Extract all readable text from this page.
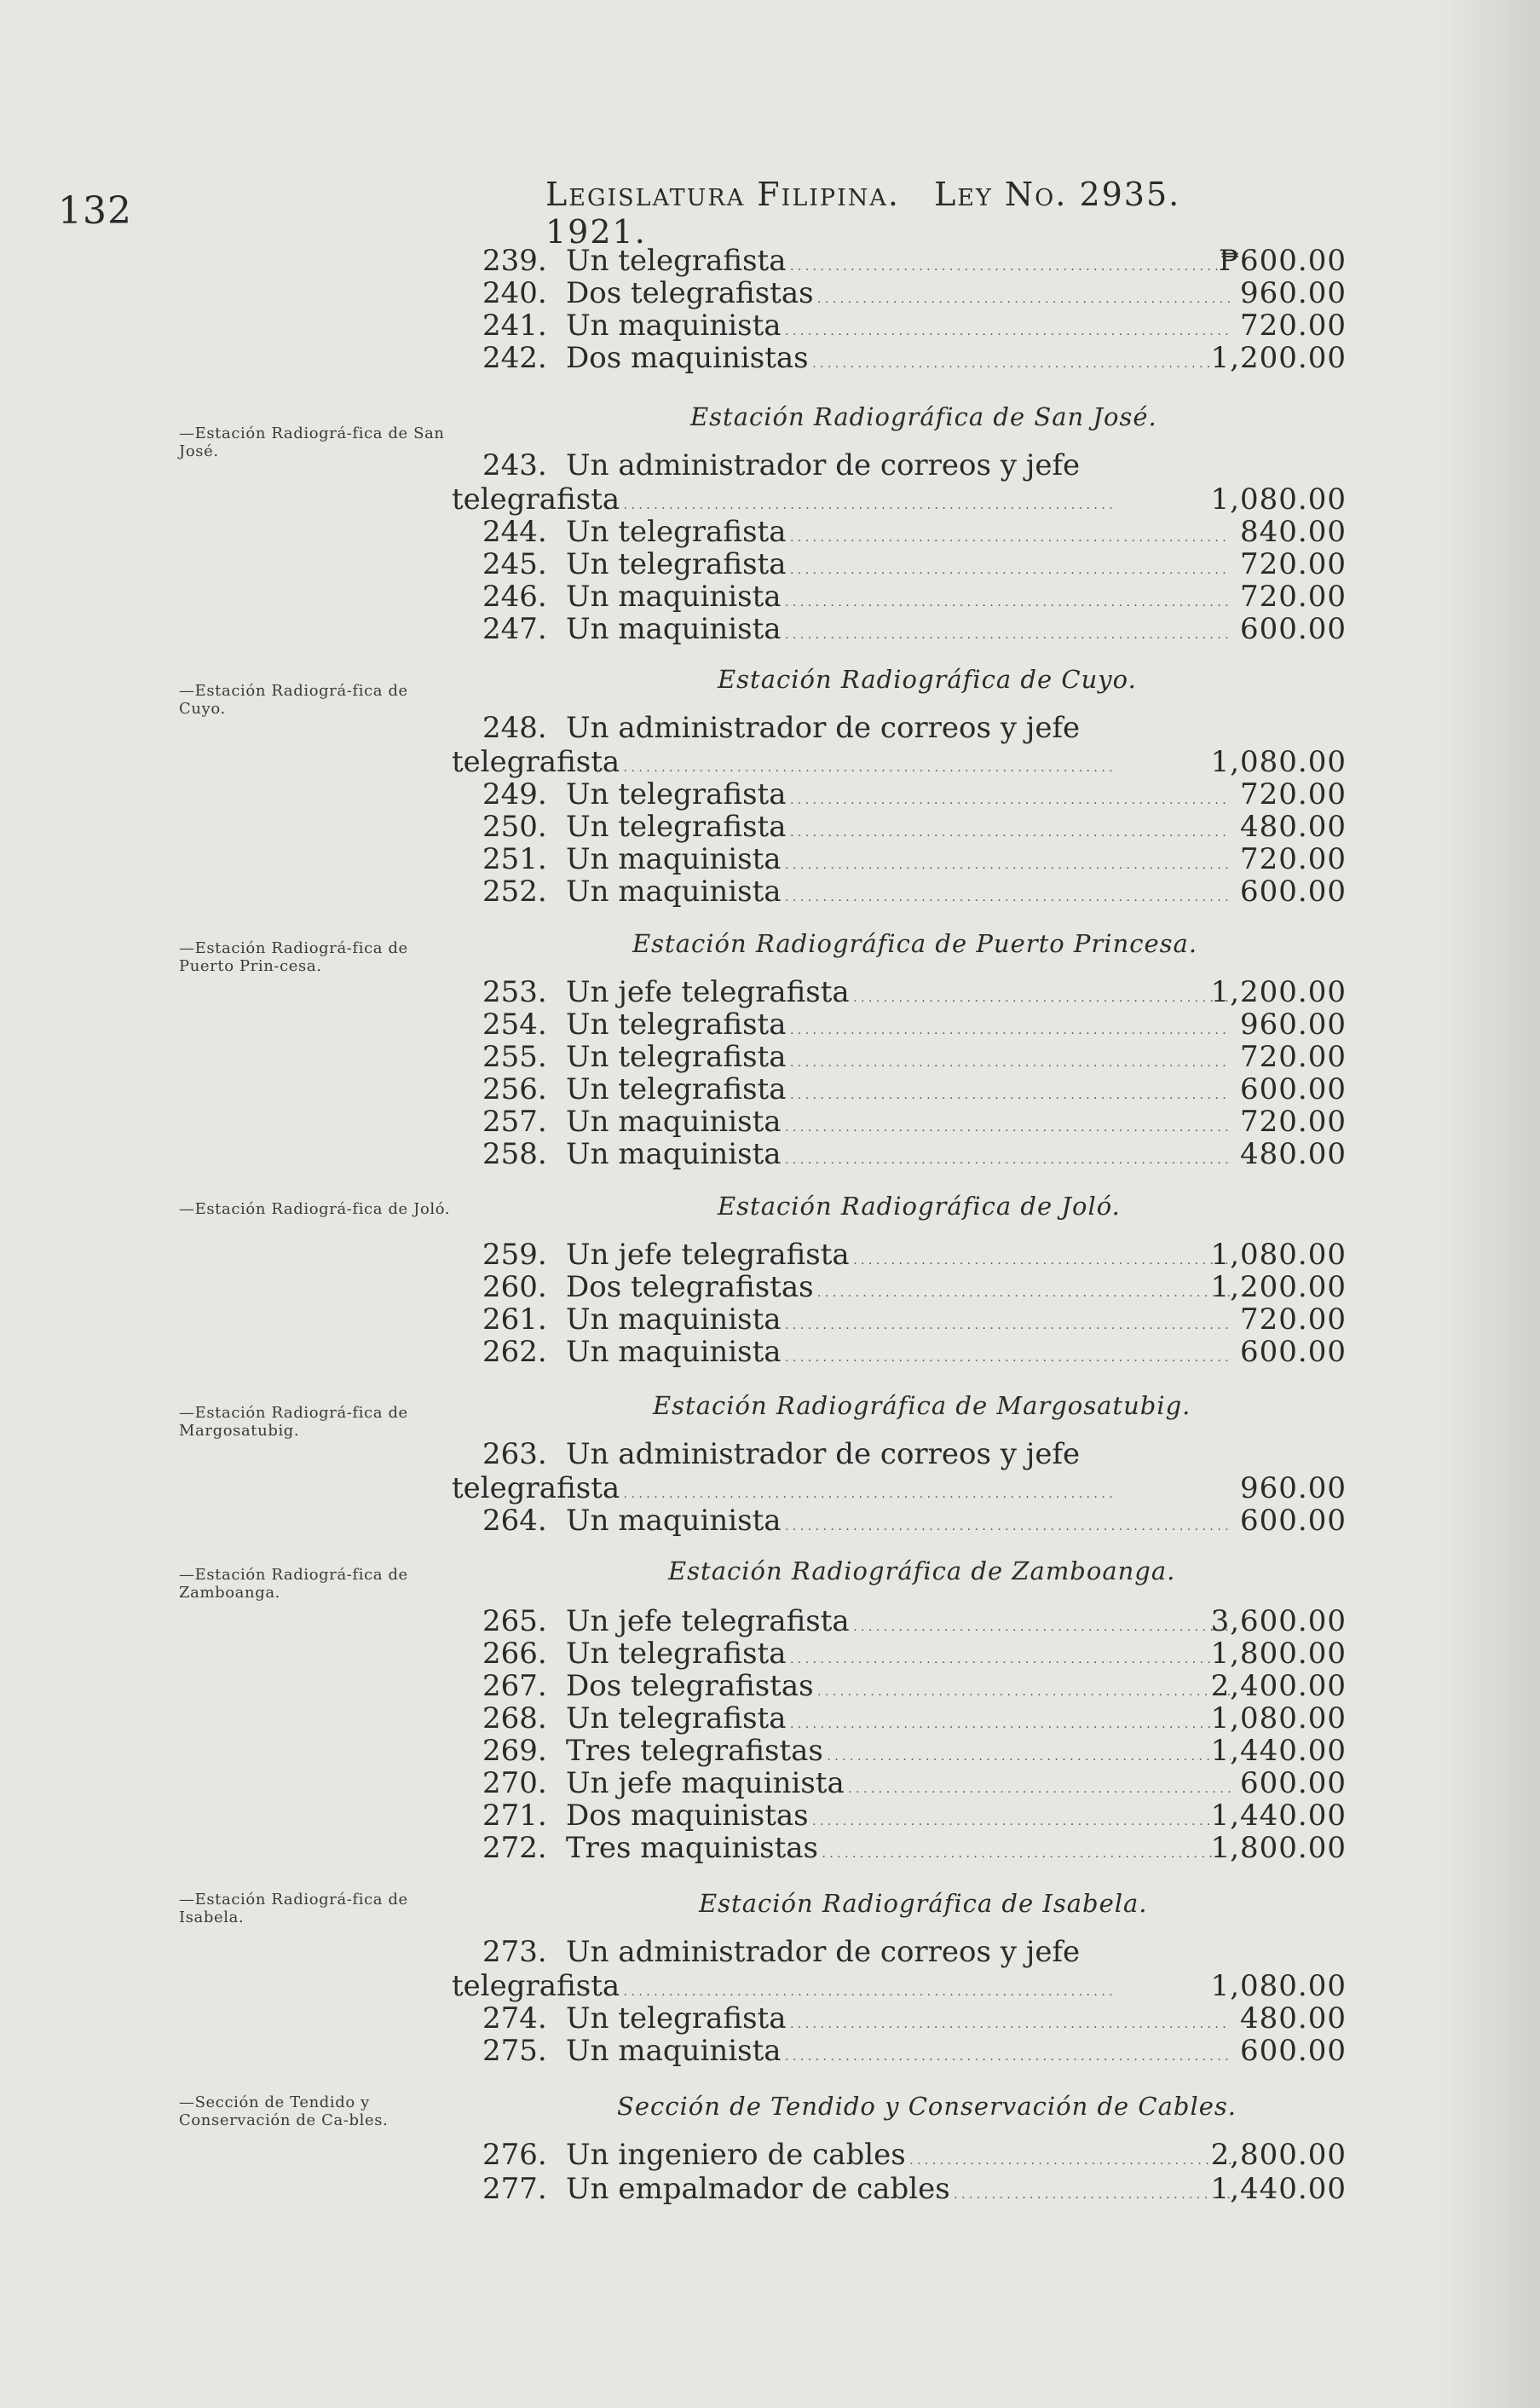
132	Legislatura Filipina. Ley No. 2935. 1921.
—Estación Radiográ-fica de San José.
—Estación Radiográ-fica de Cuyo.
—Estación Radiográ-fica de Puerto Prin-cesa.
—Estación Radiográ-fica de Joló.
—Estación Radiográ-fica de Margosatubig.
—Estación Radiográ-fica de Zamboanga.
—Estación Radiográ-fica de Isabela.
—Sección de Tendido y Conservación de Ca-bles.
239. Un telegrafista . . .	₱600.00
240. Dos telegrafistas . . .	960.00
241. Un maquinista . . .	720.00
242. Dos maquinistas . . .	1,200.00
Estación Radiográfica de San José.
243. Un administrador de correos y jefe
telegrafista . . .	1,080.00
244. Un telegrafista . . .	840.00
245. Un telegrafista . . .	720.00
246. Un maquinista . . .	720.00
247. Un maquinista . . .	600.00
Estación Radiográfica de Cuyo.
248. Un administrador de correos y jefe
telegrafista . . .	1,080.00
249. Un telegrafista . . .	720.00
250. Un telegrafista . . .	480.00
251. Un maquinista . . .	720.00
252. Un maquinista . . .	600.00
Estación Radiográfica de Puerto Princesa.
253. Un jefe telegrafista . . .	1,200.00
254. Un telegrafista . . .	960.00
255. Un telegrafista . . .	720.00
256. Un telegrafista . . .	600.00
257. Un maquinista . . .	720.00
258. Un maquinista . . .	480.00
Estación Radiográfica de Joló.
259. Un jefe telegrafista . . .	1,080.00
260. Dos telegrafistas . . .	1,200.00
261. Un maquinista . . .	720.00
262. Un maquinista . . .	600.00
Estación Radiográfica de Margosatubig.
263. Un administrador de correos y jefe
telegrafista . . .	960.00
264. Un maquinista . . .	600.00
Estación Radiográfica de Zamboanga.
265. Un jefe telegrafista . . .	3,600.00
266. Un telegrafista . . .	1,800.00
267. Dos telegrafistas . . .	2,400.00
268. Un telegrafista . . .	1,080.00
269. Tres telegrafistas . . .	1,440.00
270. Un jefe maquinista . . .	600.00
271. Dos maquinistas . . .	1,440.00
272. Tres maquinistas . . .	1,800.00
Estación Radiográfica de Isabela.
273. Un administrador de correos y jefe
telegrafista . . .	1,080.00
274. Un telegrafista . . .	480.00
275. Un maquinista . . .	600.00
Sección de Tendido y Conservación de Cables.
276. Un ingeniero de cables . . .	2,800.00
277. Un empalmador de cables . . .	1,440.00
